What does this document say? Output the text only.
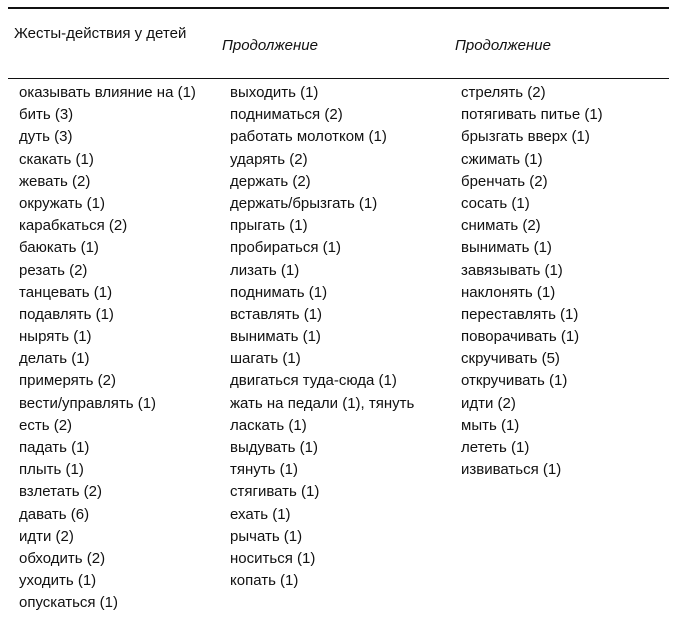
Жесты-действия у детей
Продолжение	Продолжение
оказывать влияние на (1)
бить (3)
дуть (3)
скакать (1)
жевать (2)
окружать (1)
карабкаться (2)
баюкать (1)
резать (2)
танцевать (1)
подавлять (1)
нырять (1)
делать (1)
примерять (2)
вести/управлять (1)
есть (2)
падать (1)
плыть (1)
взлетать (2)
давать (6)
идти (2)
обходить (2)
уходить (1)
опускаться (1)
выходить (1)
подниматься (2)
работать молотком (1)
ударять (2)
держать (2)
держать/брызгать (1)
прыгать (1)
пробираться (1)
лизать (1)
поднимать (1)
вставлять (1)
вынимать (1)
шагать (1)
двигаться туда-сюда (1)
жать на педали (1), тянуть
ласкать (1)
выдувать (1)
тянуть (1)
стягивать (1)
ехать (1)
рычать (1)
носиться (1)
копать (1)
стрелять (2)
потягивать питье (1)
брызгать вверх (1)
сжимать (1)
бренчать (2)
сосать (1)
снимать (2)
вынимать (1)
завязывать (1)
наклонять (1)
переставлять (1)
поворачивать (1)
скручивать (5)
откручивать (1)
идти (2)
мыть (1)
лететь (1)
извиваться (1)
